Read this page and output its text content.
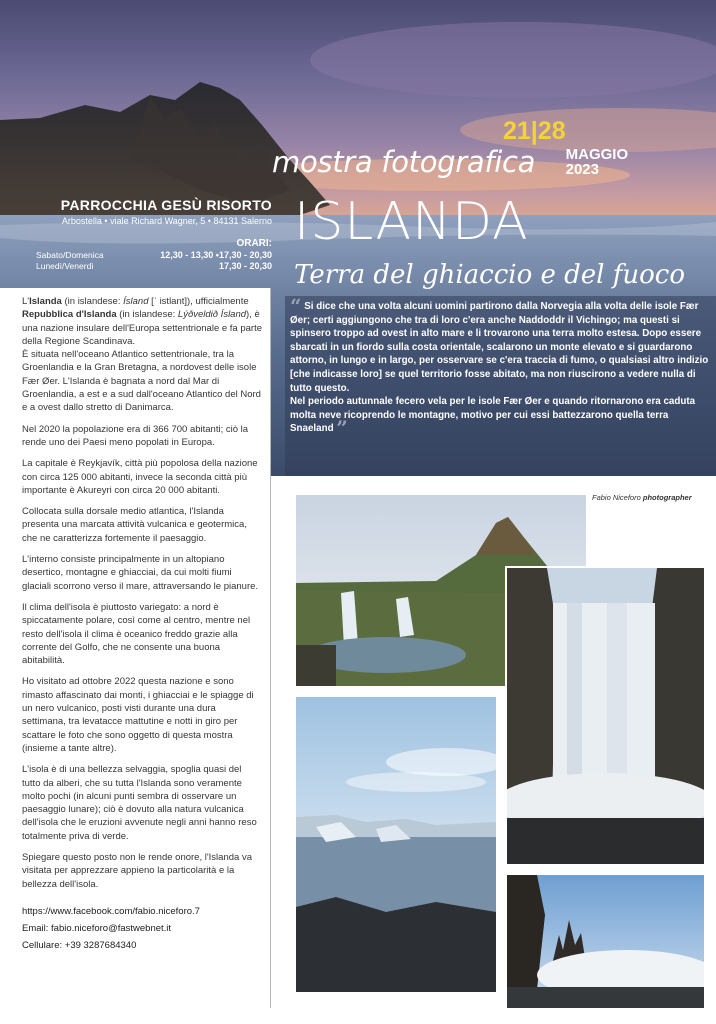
PARROCCHIA GESÙ RISORTO
Arbostella • viale Richard Wagner, 5 • 84131 Salerno
ORARI:
Sabato/Domenica	12,30 - 13,30 •17,30 - 20,30
Lunedì/Venerdì	17,30 - 20,30
mostra fotografica
21|28
MAGGIO
2023
ISLANDA
Terra del ghiaccio e del fuoco

“ Si dice che una volta alcuni uomini partirono dalla Norvegia alla volta delle isole Fær Øer; certi aggiungono che tra di loro c'era anche Naddoddr il Vichingo; ma questi si spinsero troppo ad ovest in alto mare e li trovarono una terra molto estesa. Dopo essere sbarcati in un fiordo sulla costa orientale, scalarono un monte elevato e si guardarono attorno, in lungo e in largo, per osservare se c'era traccia di fumo, o qualsiasi altro indizio [che indicasse loro] se quel territorio fosse abitato, ma non riuscirono a vedere nulla di tutto questo.

Nel periodo autunnale fecero vela per le isole Fær Øer e quando ritornarono era caduta molta neve ricoprendo le montagne, motivo per cui essi battezzarono quella terra Snaeland ”

L'Islanda (in islandese: Ísland [ˈ istlant]), ufficialmente Repubblica d'Islanda (in islandese: Lýðveldið Ísland), è una nazione insulare dell'Europa settentrionale e fa parte della Regione Scandinava.
È situata nell'oceano Atlantico settentrionale, tra la Groenlandia e la Gran Bretagna, a nordovest delle isole Fær Øer. L'Islanda è bagnata a nord dal Mar di Groenlandia, a est e a sud dall'oceano Atlantico del Nord e a ovest dallo stretto di Danimarca.

Nel 2020 la popolazione era di 366 700 abitanti; ciò la rende uno dei Paesi meno popolati in Europa.

La capitale è Reykjavík, città più popolosa della nazione con circa 125 000 abitanti, invece la seconda città più importante è Akureyri con circa 20 000 abitanti.

Collocata sulla dorsale medio atlantica, l'Islanda presenta una marcata attività vulcanica e geotermica, che ne caratterizza fortemente il paesaggio.

L'interno consiste principalmente in un altopiano desertico, montagne e ghiacciai, da cui molti fiumi glaciali scorrono verso il mare, attraversando le pianure.

Il clima dell'isola è piuttosto variegato: a nord è spiccatamente polare, così come al centro, mentre nel resto dell'isola il clima è oceanico freddo grazie alla corrente del Golfo, che ne consente una buona abitabilità.

Ho visitato ad ottobre 2022 questa nazione e sono rimasto affascinato dai monti, i ghiacciai e le spiagge di un nero vulcanico, posti visti durante una dura settimana, tra levatacce mattutine e notti in giro per scattare le foto che sono oggetto di questa mostra (insieme a tante altre).

L'isola è di una bellezza selvaggia, spoglia quasi del tutto da alberi, che su tutta l'Islanda sono veramente molto pochi (in alcuni punti sembra di osservare un paesaggio lunare); ciò è dovuto alla natura vulcanica dell'isola che le eruzioni avvenute negli anni hanno reso totalmente priva di verde.

Spiegare questo posto non le rende onore, l'Islanda va visitata per apprezzare appieno la particolarità e la bellezza dell'isola.

https://www.facebook.com/fabio.niceforo.7
Email: fabio.niceforo@fastwebnet.it
Cellulare: +39 3287684340
Fabio Niceforo photographer
